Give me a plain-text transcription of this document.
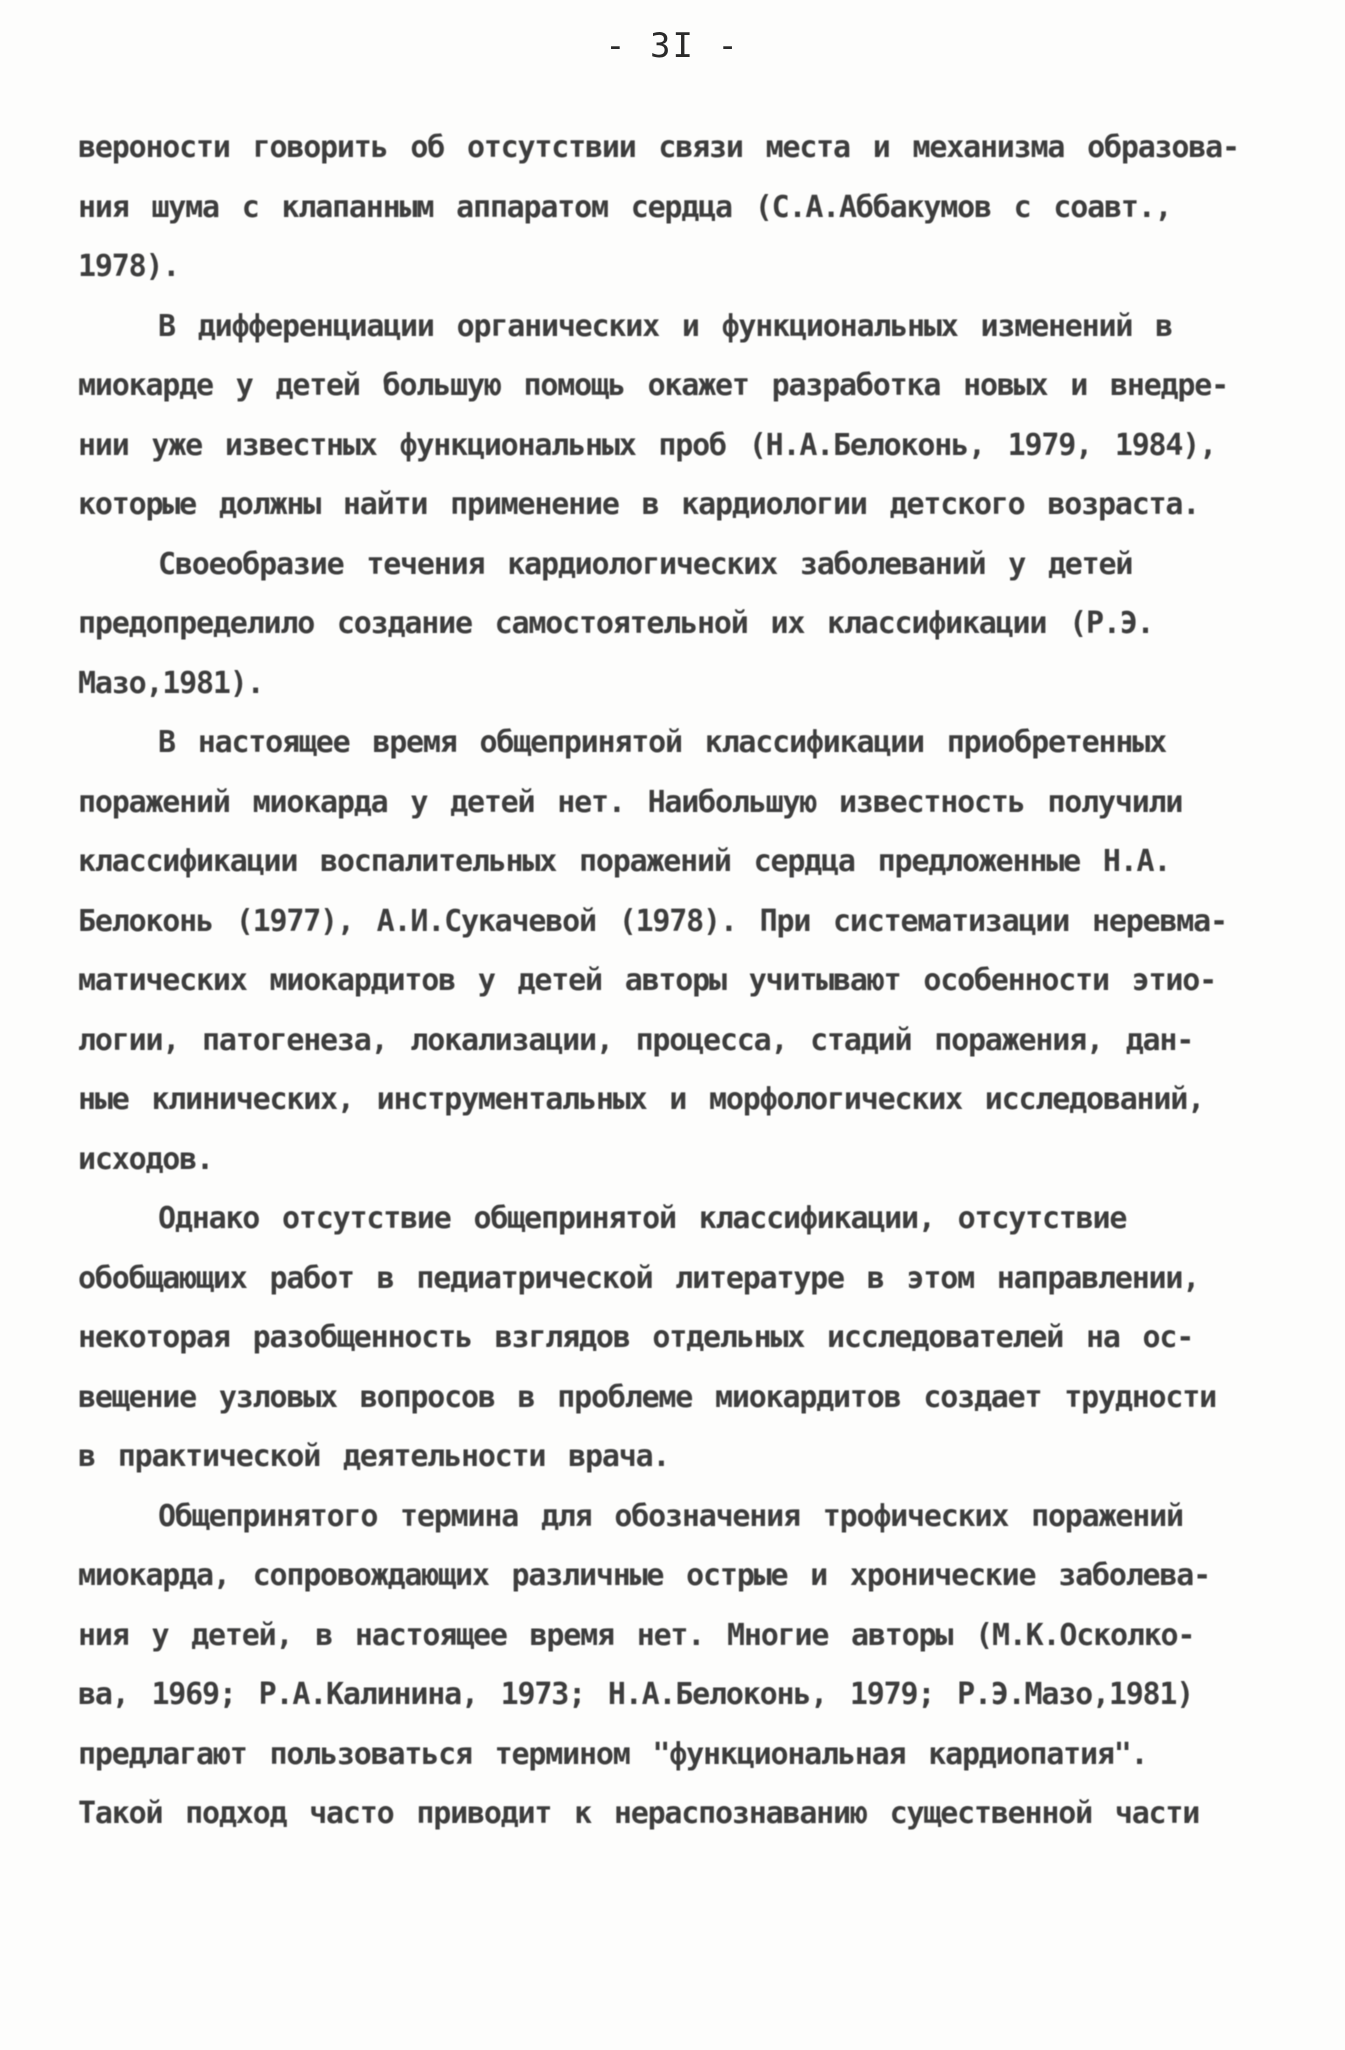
- 3I -
вероности говорить об отсутствии связи места и механизма образова-
ния шума с клапанным аппаратом сердца (С.А.Аббакумов с соавт.,
1978).
В дифференциации органических и функциональных изменений в
миокарде у детей большую помощь окажет разработка новых и внедре-
нии уже известных функциональных проб (Н.А.Белоконь, 1979, 1984),
которые должны найти применение в кардиологии детского возраста.
Своеобразие течения кардиологических заболеваний у детей
предопределило создание самостоятельной их классификации (Р.Э.
Мазо,1981).
В настоящее время общепринятой классификации приобретенных
поражений миокарда у детей нет. Наибольшую известность получили
классификации воспалительных поражений сердца предложенные Н.А.
Белоконь (1977), А.И.Сукачевой (1978). При систематизации неревма-
матических миокардитов у детей авторы учитывают особенности этио-
логии, патогенеза, локализации, процесса, стадий поражения, дан-
ные клинических, инструментальных и морфологических исследований,
исходов.
Однако отсутствие общепринятой классификации, отсутствие
обобщающих работ в педиатрической литературе в этом направлении,
некоторая разобщенность взглядов отдельных исследователей на ос-
вещение узловых вопросов в проблеме миокардитов создает трудности
в практической деятельности врача.
Общепринятого термина для обозначения трофических поражений
миокарда, сопровождающих различные острые и хронические заболева-
ния у детей, в настоящее время нет. Многие авторы (М.К.Осколко-
ва, 1969; Р.А.Калинина, 1973; Н.А.Белоконь, 1979; Р.Э.Мазо,1981)
предлагают пользоваться термином "функциональная кардиопатия".
Такой подход часто приводит к нераспознаванию существенной части
